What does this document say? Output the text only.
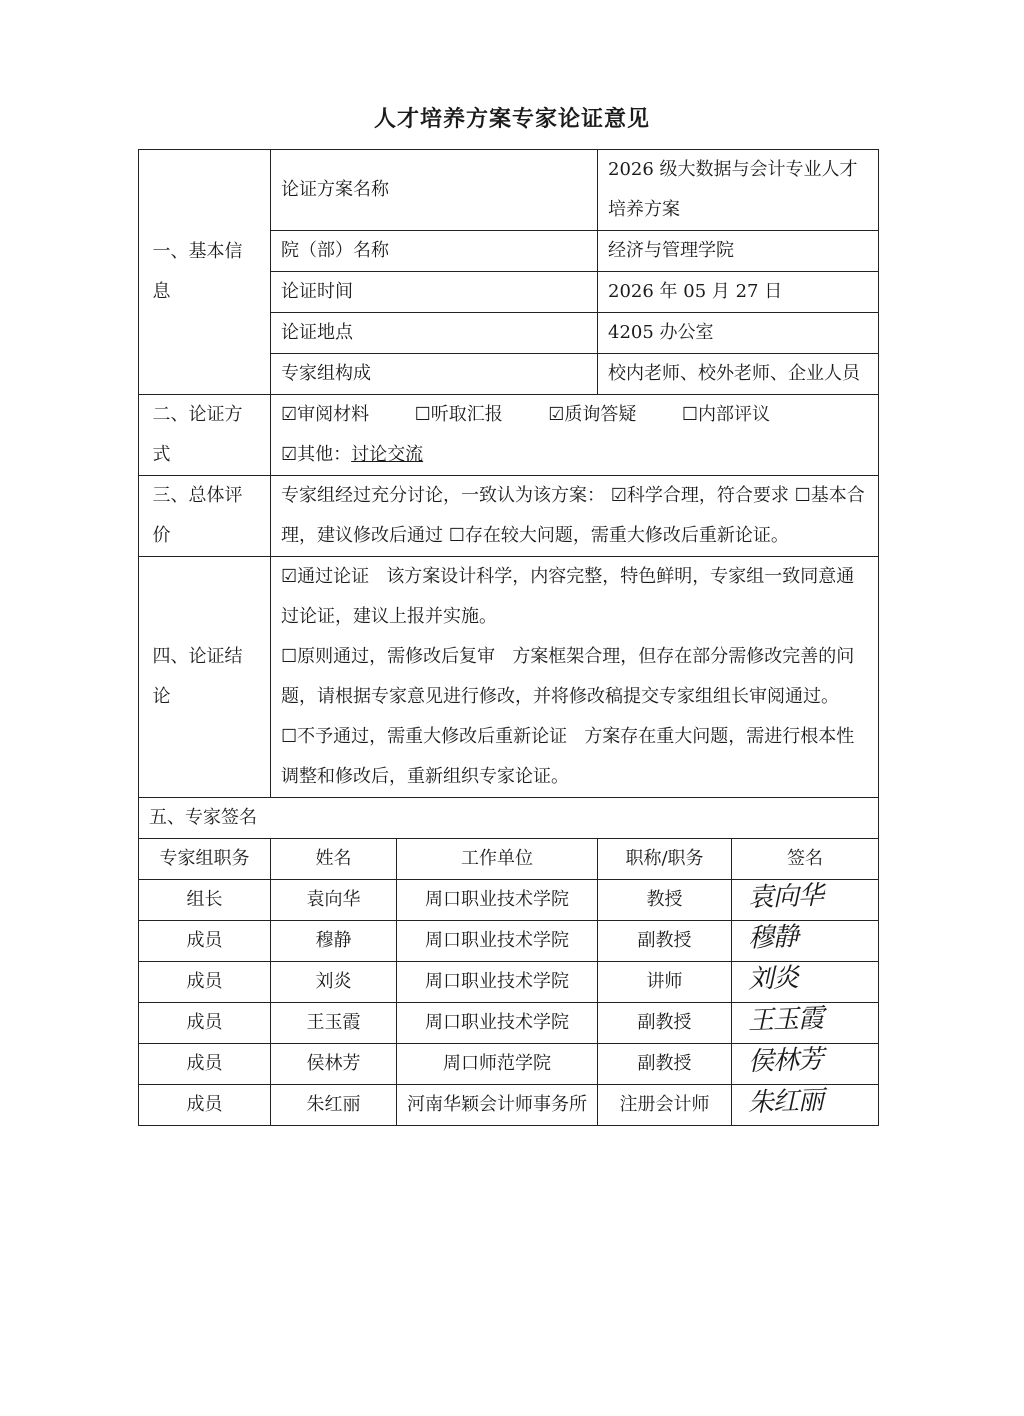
人才培养方案专家论证意见
一、基本信息	论证方案名称		2026 级大数据与会计专业人才培养方案	
	院（部）名称		经济与管理学院	
	论证时间		2026 年 05 月 27 日	
	论证地点		4205 办公室	
	专家组构成		校内老师、校外老师、企业人员	
二、论证方式	☑审阅材料 ☐听取汇报 ☑质询答疑 ☐内部评议
☑其他：讨论交流			

三、总体评价	专家组经过充分讨论，一致认为该方案： ☑科学合理，符合要求 ☐基本合理，建议修改后通过 ☐存在较大问题，需重大修改后重新论证。			
四、论证结论	☑通过论证 该方案设计科学，内容完整，特色鲜明，专家组一致同意通过论证，建议上报并实施。
☐原则通过，需修改后复审 方案框架合理，但存在部分需修改完善的问题，请根据专家意见进行修改，并将修改稿提交专家组组长审阅通过。
☐不予通过，需重大修改后重新论证 方案存在重大问题，需进行根本性调整和修改后，重新组织专家论证。			

五、专家签名				
专家组职务	姓名	工作单位	职称/职务	签名
组长	袁向华	周口职业技术学院	教授	袁向华
成员	穆静	周口职业技术学院	副教授	穆静
成员	刘炎	周口职业技术学院	讲师	刘炎
成员	王玉霞	周口职业技术学院	副教授	王玉霞
成员	侯林芳	周口师范学院	副教授	侯林芳
成员	朱红丽	河南华颖会计师事务所	注册会计师	朱红丽
